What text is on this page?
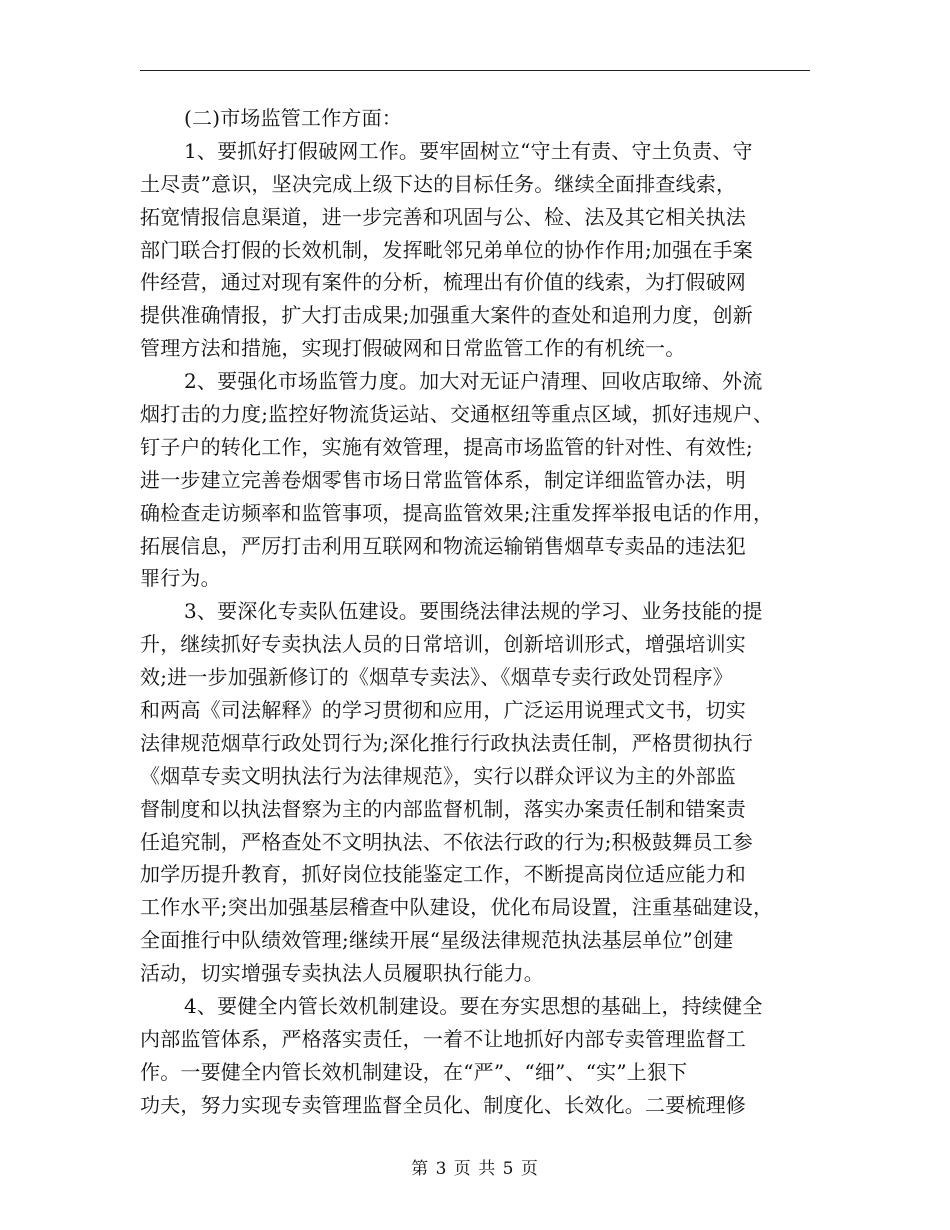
(二)市场监管工作方面：
1、要抓好打假破网工作。要牢固树立“守土有责、守土负责、守
土尽责”意识，坚决完成上级下达的目标任务。继续全面排查线索，
拓宽情报信息渠道，进一步完善和巩固与公、检、法及其它相关执法
部门联合打假的长效机制，发挥毗邻兄弟单位的协作作用;加强在手案
件经营，通过对现有案件的分析，梳理出有价值的线索，为打假破网
提供准确情报，扩大打击成果;加强重大案件的查处和追刑力度，创新
管理方法和措施，实现打假破网和日常监管工作的有机统一。
2、要强化市场监管力度。加大对无证户清理、回收店取缔、外流
烟打击的力度;监控好物流货运站、交通枢纽等重点区域，抓好违规户、
钉子户的转化工作，实施有效管理，提高市场监管的针对性、有效性;
进一步建立完善卷烟零售市场日常监管体系，制定详细监管办法，明
确检查走访频率和监管事项，提高监管效果;注重发挥举报电话的作用，
拓展信息，严厉打击利用互联网和物流运输销售烟草专卖品的违法犯
罪行为。
3、要深化专卖队伍建设。要围绕法律法规的学习、业务技能的提
升，继续抓好专卖执法人员的日常培训，创新培训形式，增强培训实
效;进一步加强新修订的《烟草专卖法》、《烟草专卖行政处罚程序》
和两高《司法解释》的学习贯彻和应用，广泛运用说理式文书，切实
法律规范烟草行政处罚行为;深化推行行政执法责任制，严格贯彻执行
《烟草专卖文明执法行为法律规范》，实行以群众评议为主的外部监
督制度和以执法督察为主的内部监督机制，落实办案责任制和错案责
任追究制，严格查处不文明执法、不依法行政的行为;积极鼓舞员工参
加学历提升教育，抓好岗位技能鉴定工作，不断提高岗位适应能力和
工作水平;突出加强基层稽查中队建设，优化布局设置，注重基础建设，
全面推行中队绩效管理;继续开展“星级法律规范执法基层单位”创建
活动，切实增强专卖执法人员履职执行能力。
4、要健全内管长效机制建设。要在夯实思想的基础上，持续健全
内部监管体系，严格落实责任，一着不让地抓好内部专卖管理监督工
作。一要健全内管长效机制建设，在“严”、“细”、“实”上狠下
功夫，努力实现专卖管理监督全员化、制度化、长效化。二要梳理修
第 3 页 共 5 页
